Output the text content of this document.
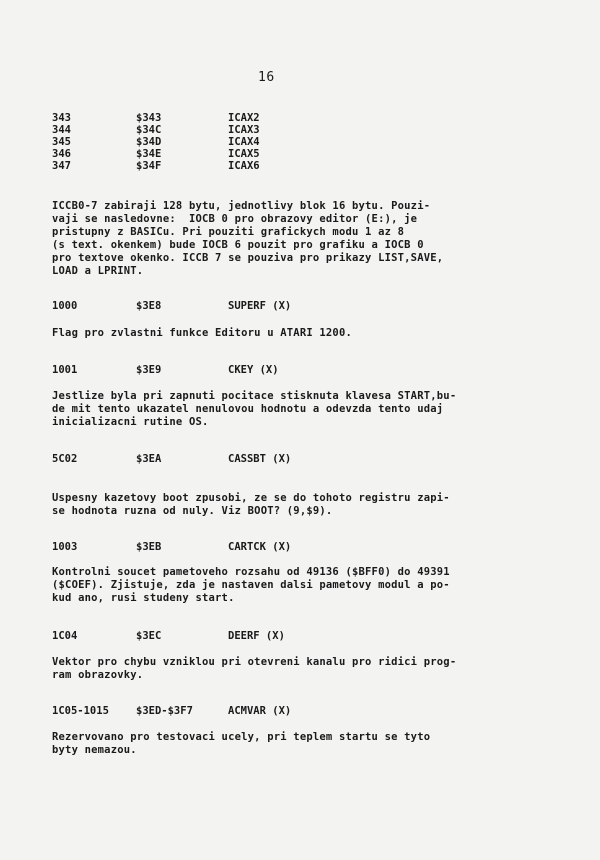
16
343	$343	ICAX2
344	$34C	ICAX3
345	$34D	ICAX4
346	$34E	ICAX5
347	$34F	ICAX6
ICCB0-7 zabiraji 128 bytu, jednotlivy blok 16 bytu. Pouzi-
vaji se nasledovne:  IOCB 0 pro obrazovy editor (E:), je
pristupny z BASICu. Pri pouziti grafickych modu 1 az 8
(s text. okenkem) bude IOCB 6 pouzit pro grafiku a IOCB 0
pro textove okenko. ICCB 7 se pouziva pro prikazy LIST,SAVE,
LOAD a LPRINT.
1000	$3E8	SUPERF (X)
Flag pro zvlastni funkce Editoru u ATARI 1200.
1001	$3E9	CKEY (X)
Jestlize byla pri zapnuti pocitace stisknuta klavesa START,bu-
de mit tento ukazatel nenulovou hodnotu a odevzda tento udaj
inicializacni rutine OS.
5C02	$3EA	CASSBT (X)
Uspesny kazetovy boot zpusobi, ze se do tohoto registru zapi-
se hodnota ruzna od nuly. Viz BOOT? (9,$9).
1003	$3EB	CARTCK (X)
Kontrolni soucet pametoveho rozsahu od 49136 ($BFF0) do 49391
($COEF). Zjistuje, zda je nastaven dalsi pametovy modul a po-
kud ano, rusi studeny start.
1C04	$3EC	DEERF (X)
Vektor pro chybu vzniklou pri otevreni kanalu pro ridici prog-
ram obrazovky.
1C05-1015	$3ED-$3F7	ACMVAR (X)
Rezervovano pro testovaci ucely, pri teplem startu se tyto
byty nemazou.
